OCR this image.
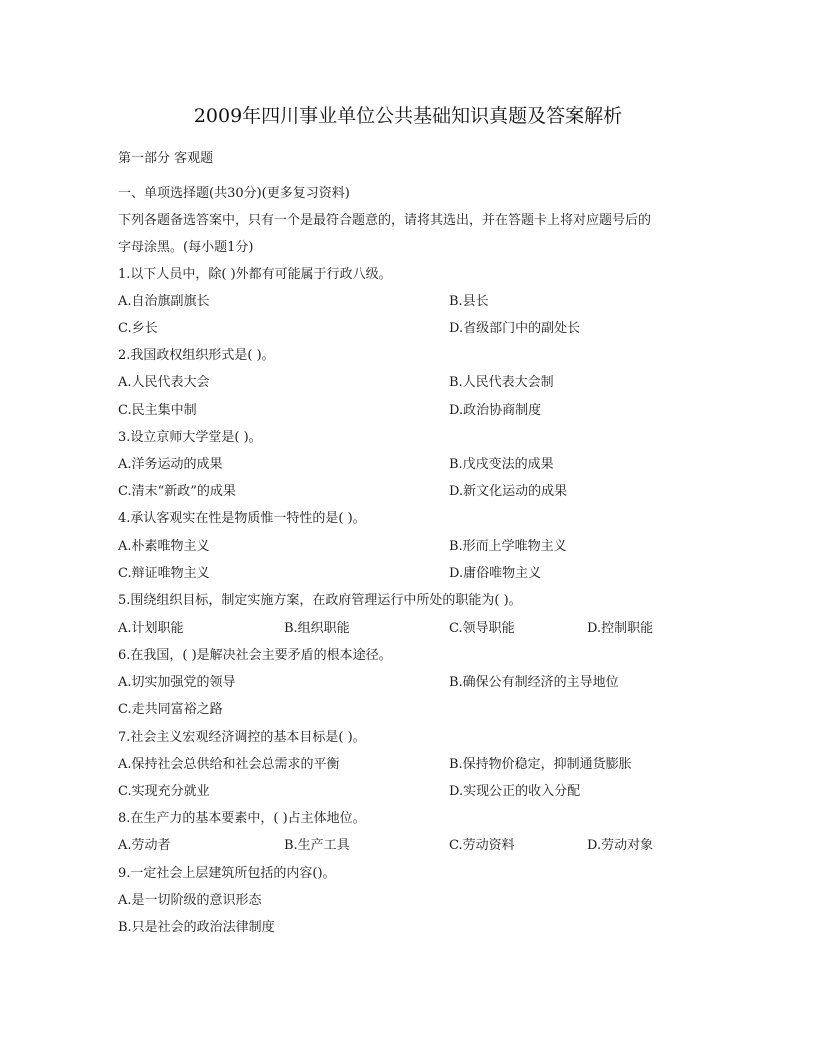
2009年四川事业单位公共基础知识真题及答案解析
第一部分 客观题
一、单项选择题(共30分)(更多复习资料)
下列各题备选答案中，只有一个是最符合题意的，请将其选出，并在答题卡上将对应题号后的
字母涂黑。(每小题1分)
1.以下人员中，除( )外都有可能属于行政八级。
A.自治旗副旗长	B.县长
C.乡长	D.省级部门中的副处长
2.我国政权组织形式是( )。
A.人民代表大会	B.人民代表大会制
C.民主集中制	D.政治协商制度
3.设立京师大学堂是( )。
A.洋务运动的成果	B.戊戌变法的成果
C.清末“新政”的成果	D.新文化运动的成果
4.承认客观实在性是物质惟一特性的是( )。
A.朴素唯物主义	B.形而上学唯物主义
C.辩证唯物主义	D.庸俗唯物主义
5.围绕组织目标，制定实施方案，在政府管理运行中所处的职能为( )。
A.计划职能	B.组织职能	C.领导职能	D.控制职能
6.在我国，( )是解决社会主要矛盾的根本途径。
A.切实加强党的领导	B.确保公有制经济的主导地位
C.走共同富裕之路
7.社会主义宏观经济调控的基本目标是( )。
A.保持社会总供给和社会总需求的平衡	B.保持物价稳定，抑制通货膨胀
C.实现充分就业	D.实现公正的收入分配
8.在生产力的基本要素中，( )占主体地位。
A.劳动者	B.生产工具	C.劳动资料	D.劳动对象
9.一定社会上层建筑所包括的内容()。
A.是一切阶级的意识形态
B.只是社会的政治法律制度
